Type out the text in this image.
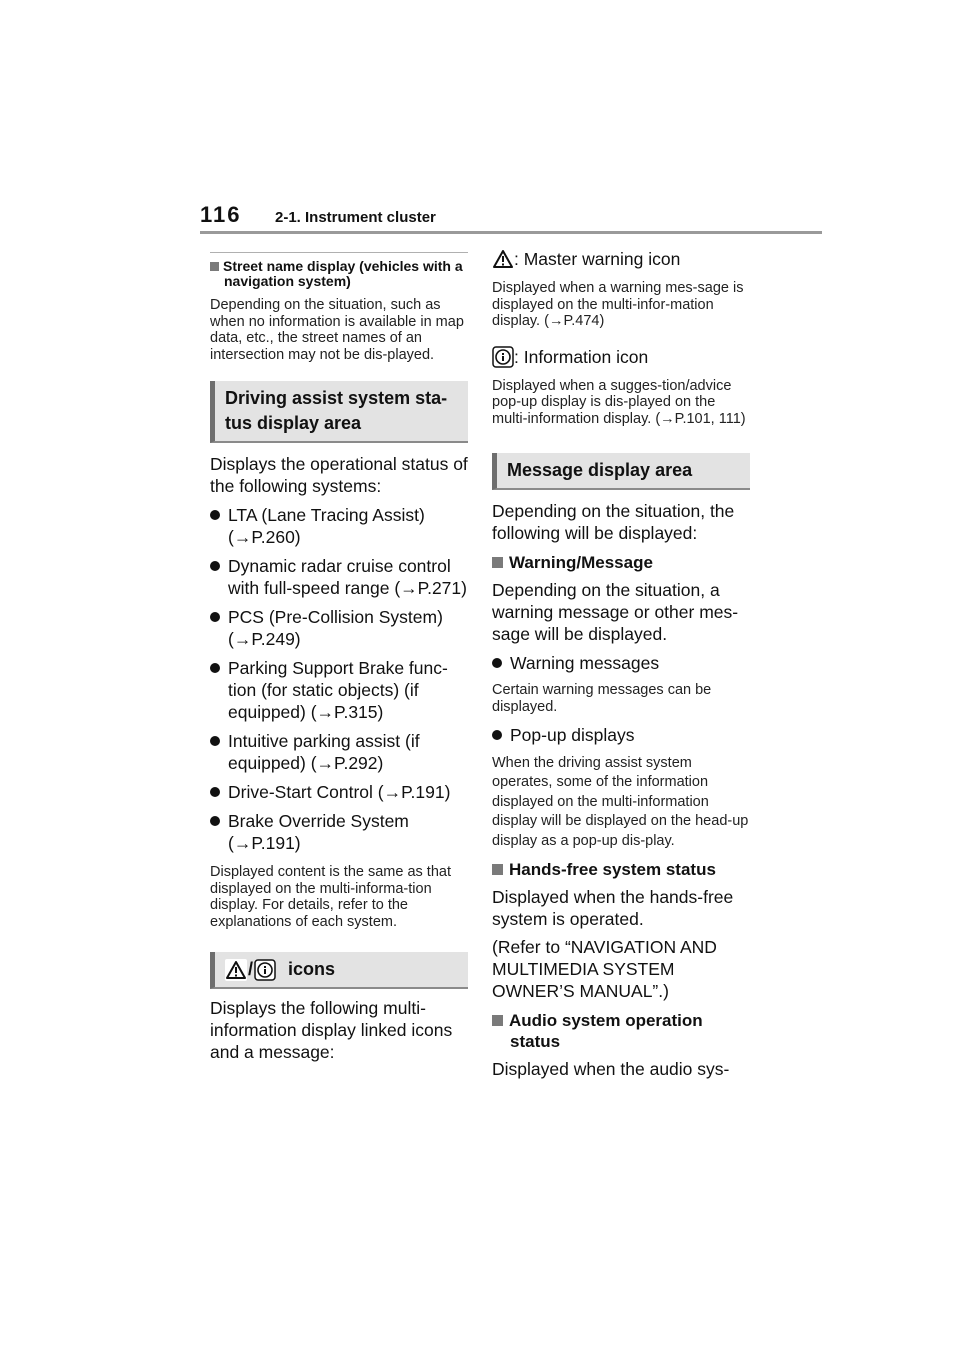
116 2-1. Instrument cluster
Street name display (vehicles with a navigation system)
Depending on the situation, such as when no information is available in map data, etc., the street names of an intersection may not be dis-played.
Driving assist system sta-tus display area
Displays the operational status of the following systems:
LTA (Lane Tracing Assist) (→P.260)
Dynamic radar cruise control with full-speed range (→P.271)
PCS (Pre-Collision System) (→P.249)
Parking Support Brake func-tion (for static objects) (if equipped) (→P.315)
Intuitive parking assist (if equipped) (→P.292)
Drive-Start Control (→P.191)
Brake Override System (→P.191)
Displayed content is the same as that displayed on the multi-informa-tion display. For details, refer to the explanations of each system.
/ icons
Displays the following multi-information display linked icons and a message:
: Master warning icon
Displayed when a warning mes-sage is displayed on the multi-infor-mation display. (→P.474)
: Information icon
Displayed when a sugges-tion/advice pop-up display is dis-played on the multi-information display. (→P.101, 111)
Message display area
Depending on the situation, the following will be displayed:
Warning/Message
Depending on the situation, a warning message or other mes-sage will be displayed.
Warning messages
Certain warning messages can be displayed.
Pop-up displays
When the driving assist system operates, some of the information displayed on the multi-information display will be displayed on the head-up display as a pop-up dis-play.
Hands-free system status
Displayed when the hands-free system is operated.
(Refer to “NAVIGATION AND MULTIMEDIA SYSTEM OWNER’S MANUAL”.)
Audio system operation status
Displayed when the audio sys-
